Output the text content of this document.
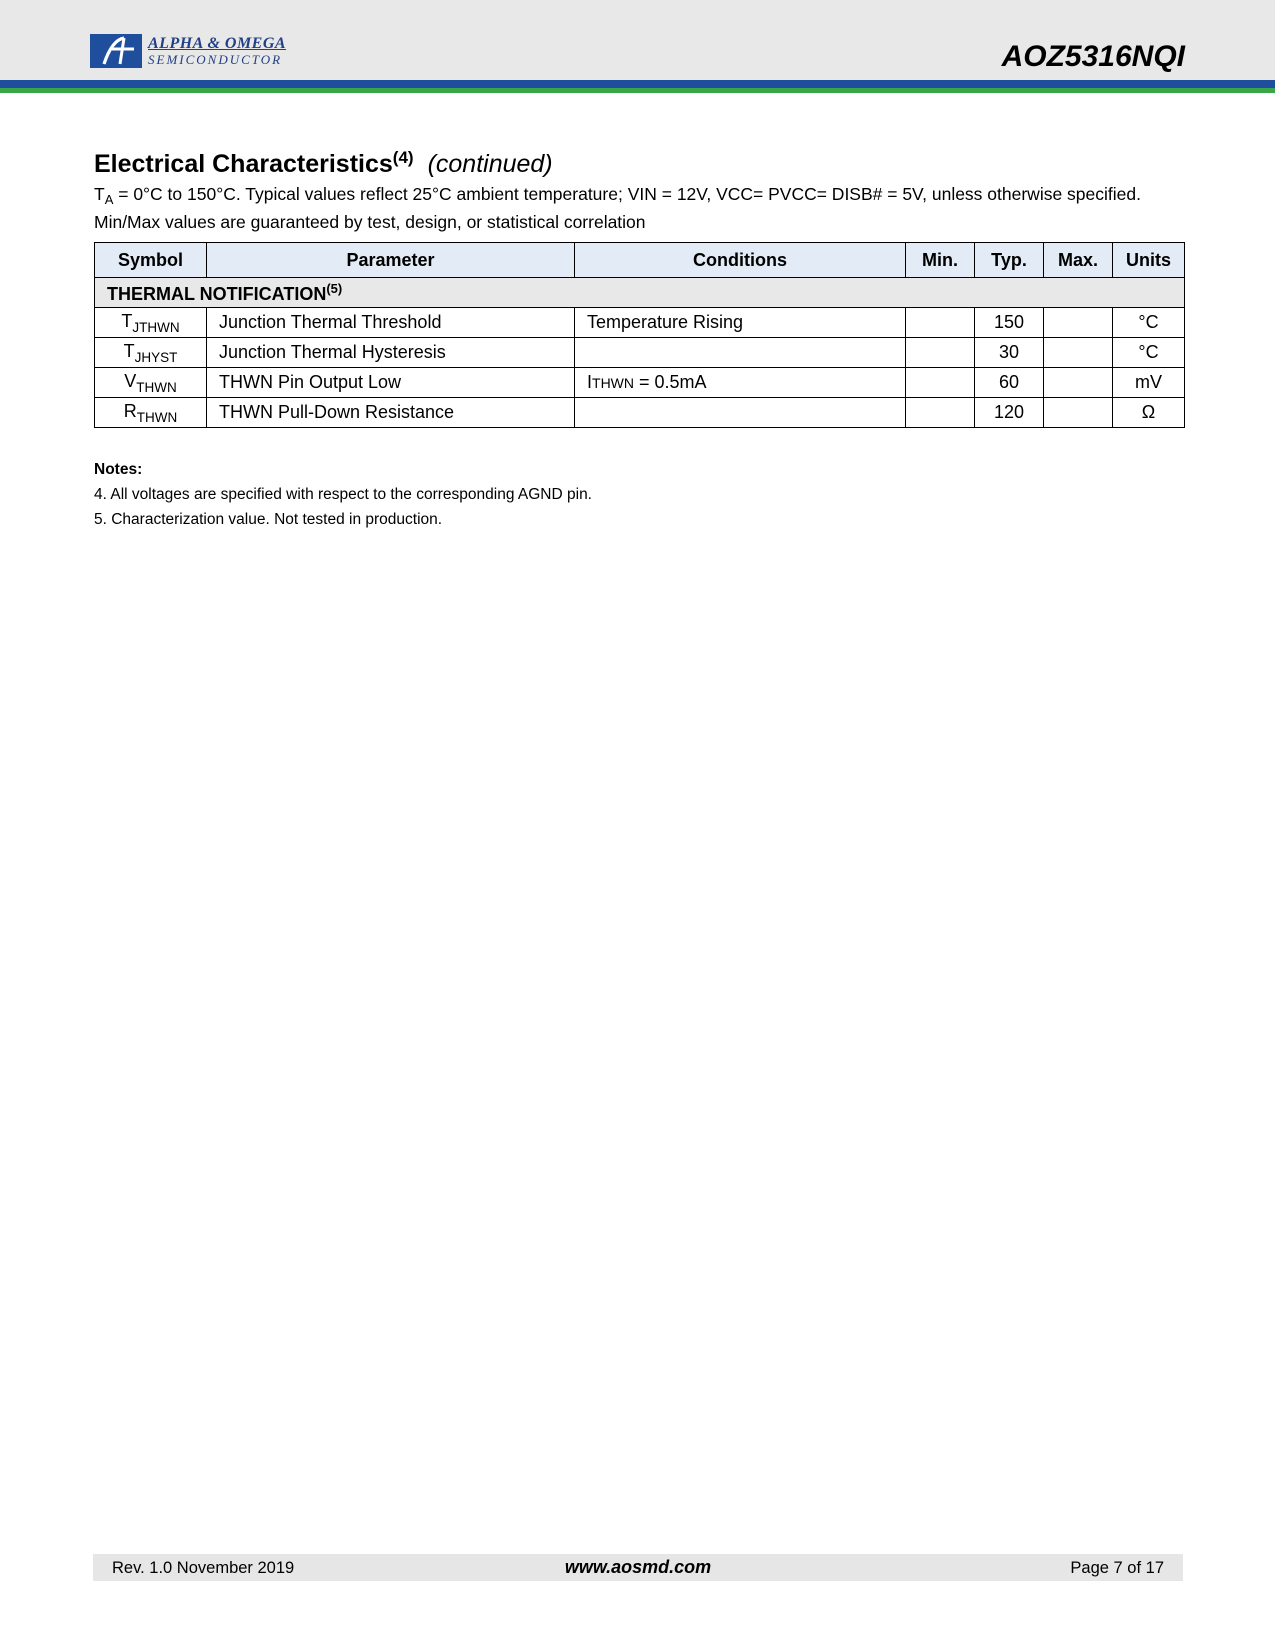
ALPHA & OMEGA
SEMICONDUCTOR	AOZ5316NQI
Electrical Characteristics$^{(4)}$ (continued)
$T_A = 0^\circ C$ to 150°C. Typical values reflect 25°C ambient temperature; VIN = 12V, VCC= PVCC= DISB# = 5V, unless otherwise specified. Min/Max values are guaranteed by test, design, or statistical correlation
Symbol	Parameter	Conditions	Min.	Typ.	Max.	Units
THERMAL NOTIFICATION$^{(5)}$
$T_{JTHWN}$	Junction Thermal Threshold	Temperature Rising		150		°C
$T_{JHYST}$	Junction Thermal Hysteresis			30		°C
$V_{THWN}$	THWN Pin Output Low	ITHWN = 0.5mA		60		mV
$R_{THWN}$	THWN Pull-Down Resistance			120		Ω
Notes:
4. All voltages are specified with respect to the corresponding AGND pin.
5. Characterization value. Not tested in production.
Rev. 1.0 November 2019	www.aosmd.com	Page 7 of 17
